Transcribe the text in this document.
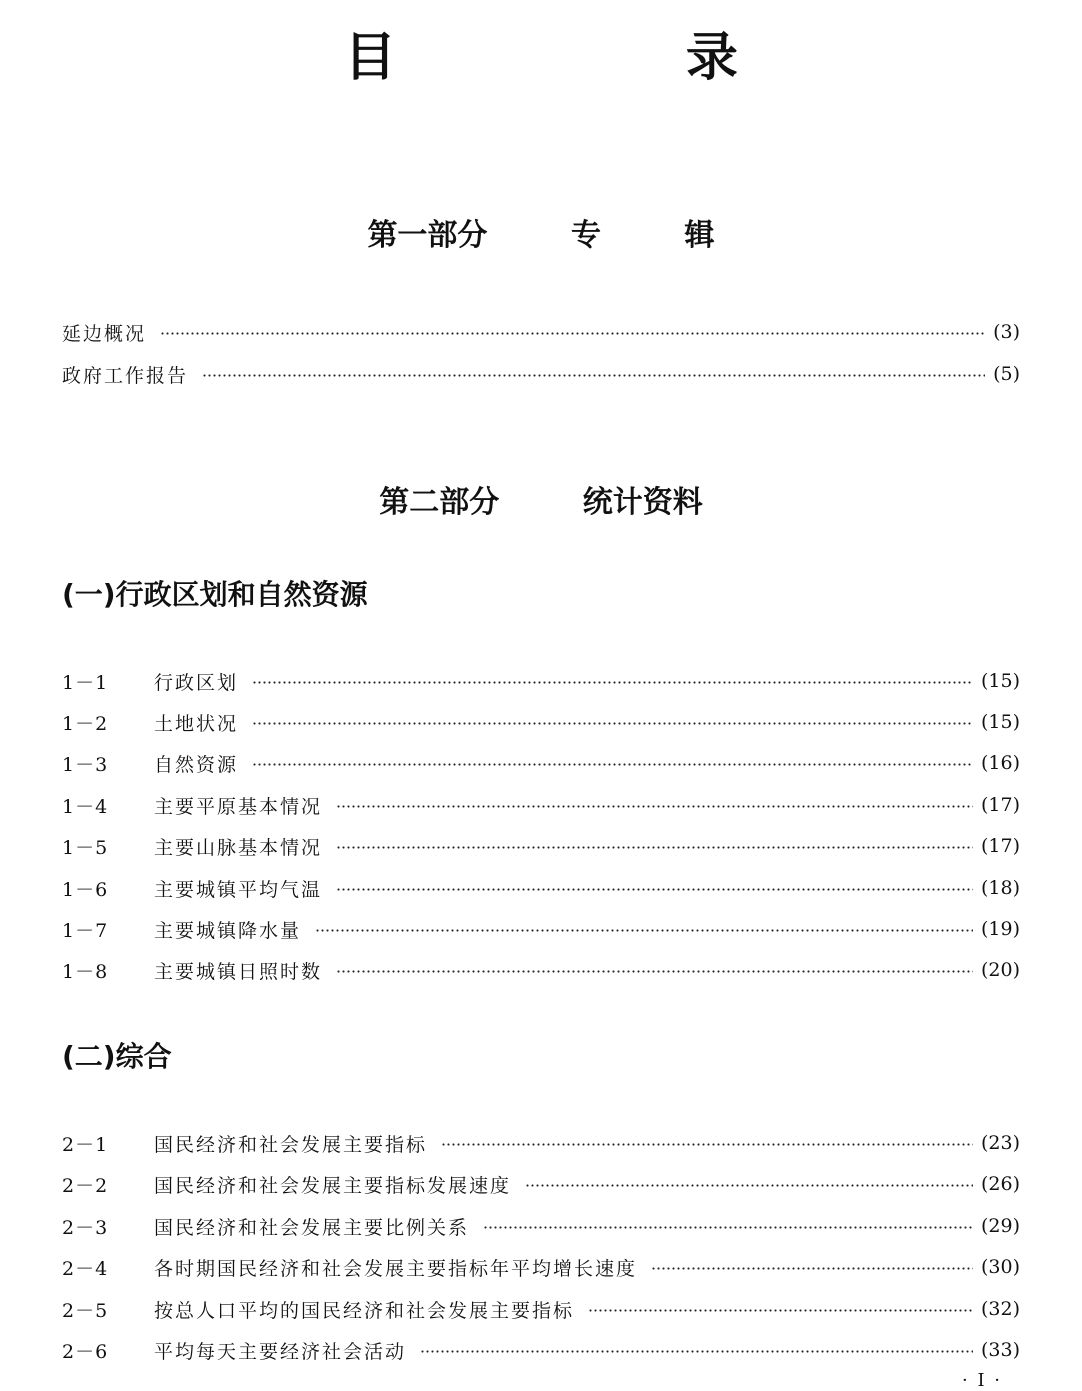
目                录
第一部分        专        辑
延边概况	(3)
政府工作报告	(5)
第二部分        统计资料
(一)行政区划和自然资源
1－1	行政区划	(15)
1－2	土地状况	(15)
1－3	自然资源	(16)
1－4	主要平原基本情况	(17)
1－5	主要山脉基本情况	(17)
1－6	主要城镇平均气温	(18)
1－7	主要城镇降水量	(19)
1－8	主要城镇日照时数	(20)
(二)综合
2－1	国民经济和社会发展主要指标	(23)
2－2	国民经济和社会发展主要指标发展速度	(26)
2－3	国民经济和社会发展主要比例关系	(29)
2－4	各时期国民经济和社会发展主要指标年平均增长速度	(30)
2－5	按总人口平均的国民经济和社会发展主要指标	(32)
2－6	平均每天主要经济社会活动	(33)
· I ·
